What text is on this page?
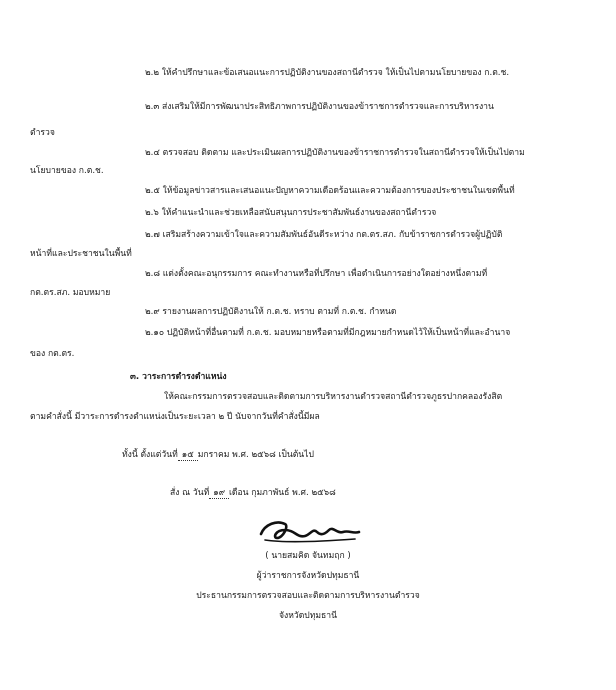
๒.๒ ให้คำปรึกษาและข้อเสนอแนะการปฏิบัติงานของสถานีตำรวจ ให้เป็นไปตามนโยบายของ ก.ต.ช.
๒.๓ ส่งเสริมให้มีการพัฒนาประสิทธิภาพการปฏิบัติงานของข้าราชการตำรวจและการบริหารงาน
ตำรวจ
๒.๔ ตรวจสอบ ติดตาม และประเมินผลการปฏิบัติงานของข้าราชการตำรวจในสถานีตำรวจให้เป็นไปตาม
นโยบายของ ก.ต.ช.
๒.๕ ให้ข้อมูลข่าวสารและเสนอแนะปัญหาความเดือดร้อนและความต้องการของประชาชนในเขตพื้นที่
๒.๖ ให้คำแนะนำและช่วยเหลือสนับสนุนการประชาสัมพันธ์งานของสถานีตำรวจ
๒.๗ เสริมสร้างความเข้าใจและความสัมพันธ์อันดีระหว่าง กต.ตร.สภ. กับข้าราชการตำรวจผู้ปฏิบัติ
หน้าที่และประชาชนในพื้นที่
๒.๘ แต่งตั้งคณะอนุกรรมการ คณะทำงานหรือที่ปรึกษา เพื่อดำเนินการอย่างใดอย่างหนึ่งตามที่
กต.ตร.สภ. มอบหมาย
๒.๙ รายงานผลการปฏิบัติงานให้ ก.ต.ช. ทราบ ตามที่ ก.ต.ช. กำหนด
๒.๑๐ ปฏิบัติหน้าที่อื่นตามที่ ก.ต.ช. มอบหมายหรือตามที่มีกฎหมายกำหนดไว้ให้เป็นหน้าที่และอำนาจ
ของ กต.ตร.
๓. วาระการดำรงตำแหน่ง
ให้คณะกรรมการตรวจสอบและติดตามการบริหารงานตำรวจสถานีตำรวจภูธรปากคลองรังสิต
ตามคำสั่งนี้ มีวาระการดำรงตำแหน่งเป็นระยะเวลา ๒ ปี นับจากวันที่คำสั่งนี้มีผล
ทั้งนี้ ตั้งแต่วันที่ ๑๕ มกราคม พ.ศ. ๒๕๖๘ เป็นต้นไป
สั่ง ณ วันที่ ๑๙ เดือน กุมภาพันธ์ พ.ศ. ๒๕๖๘
( นายสมคิด จันทมฤก )
ผู้ว่าราชการจังหวัดปทุมธานี
ประธานกรรมการตรวจสอบและติดตามการบริหารงานตำรวจ
จังหวัดปทุมธานี
